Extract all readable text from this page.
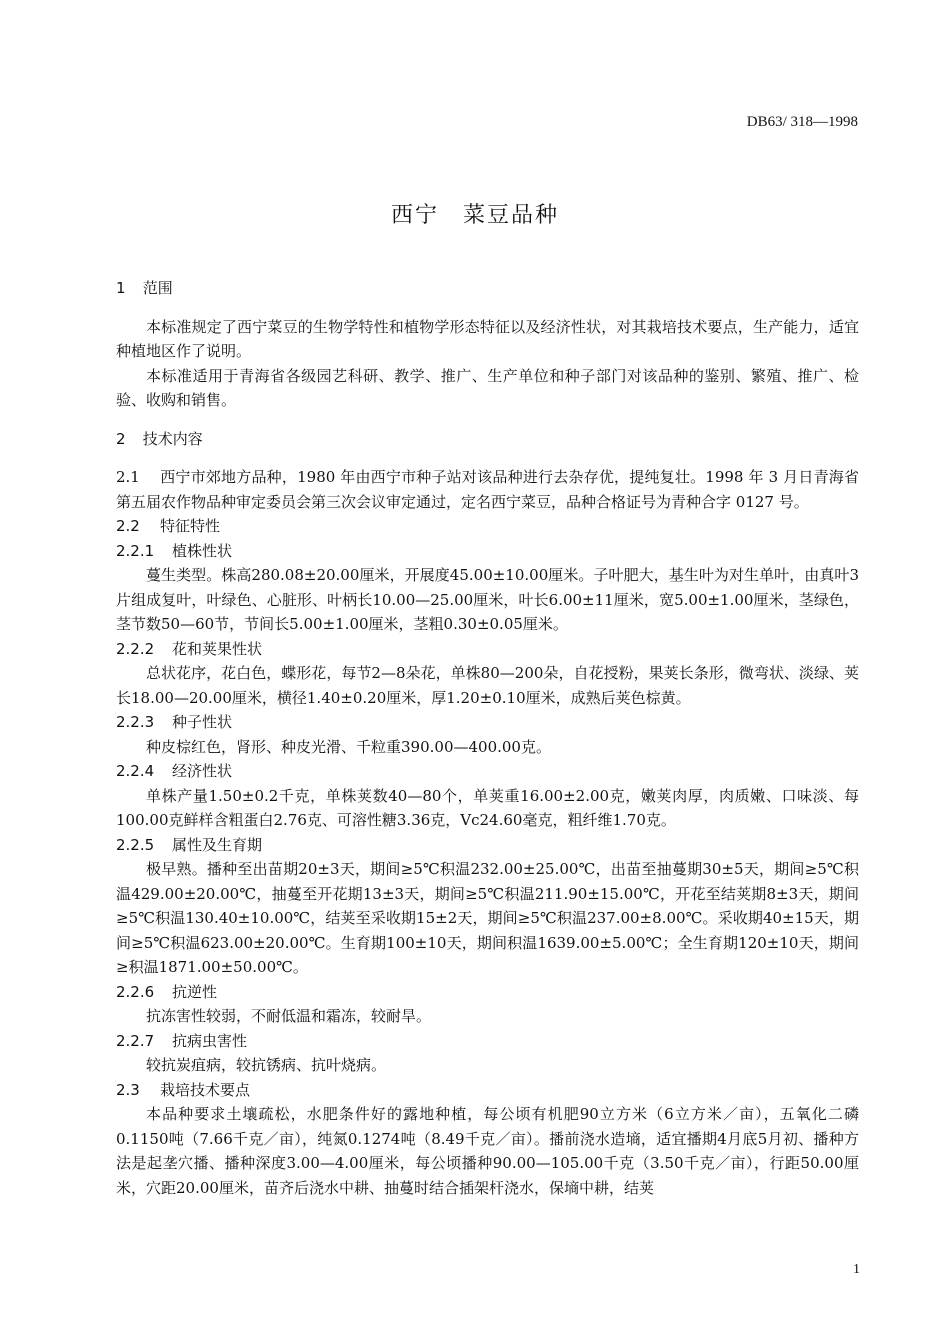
DB63/ 318—1998
西宁　菜豆品种
1 范围

本标准规定了西宁菜豆的生物学特性和植物学形态特征以及经济性状，对其栽培技术要点，生产能力，适宜种植地区作了说明。

本标准适用于青海省各级园艺科研、教学、推广、生产单位和种子部门对该品种的鉴别、繁殖、推广、检验、收购和销售。

2 技术内容

2.1 西宁市郊地方品种，1980 年由西宁市种子站对该品种进行去杂存优，提纯复壮。1998 年 3 月日青海省第五届农作物品种审定委员会第三次会议审定通过，定名西宁菜豆，品种合格证号为青种合字 0127 号。

2.2 特征特性
2.2.1 植株性状

蔓生类型。株高280.08±20.00厘米，开展度45.00±10.00厘米。子叶肥大，基生叶为对生单叶，由真叶3片组成复叶，叶绿色、心脏形、叶柄长10.00—25.00厘米，叶长6.00±11厘米，宽5.00±1.00厘米，茎绿色，茎节数50—60节，节间长5.00±1.00厘米，茎粗0.30±0.05厘米。

2.2.2 花和荚果性状

总状花序，花白色，蝶形花，每节2—8朵花，单株80—200朵，自花授粉，果荚长条形，微弯状、淡绿、荚长18.00—20.00厘米，横径1.40±0.20厘米，厚1.20±0.10厘米，成熟后荚色棕黄。

2.2.3 种子性状

种皮棕红色，肾形、种皮光滑、千粒重390.00—400.00克。

2.2.4 经济性状

单株产量1.50±0.2千克，单株荚数40—80个，单荚重16.00±2.00克，嫩荚肉厚，肉质嫩、口味淡、每100.00克鲜样含粗蛋白2.76克、可溶性糖3.36克，Vc24.60毫克，粗纤维1.70克。

2.2.5 属性及生育期

极早熟。播种至出苗期20±3天，期间≥5℃积温232.00±25.00℃，出苗至抽蔓期30±5天，期间≥5℃积温429.00±20.00℃，抽蔓至开花期13±3天，期间≥5℃积温211.90±15.00℃，开花至结荚期8±3天，期间≥5℃积温130.40±10.00℃，结荚至采收期15±2天，期间≥5℃积温237.00±8.00℃。采收期40±15天，期间≥5℃积温623.00±20.00℃。生育期100±10天，期间积温1639.00±5.00℃；全生育期120±10天，期间≥积温1871.00±50.00℃。

2.2.6 抗逆性

抗冻害性较弱，不耐低温和霜冻，较耐旱。

2.2.7 抗病虫害性

较抗炭疽病，较抗锈病、抗叶烧病。

2.3 栽培技术要点

本品种要求土壤疏松，水肥条件好的露地种植，每公顷有机肥90立方米（6立方米／亩），五氧化二磷0.1150吨（7.66千克／亩），纯氮0.1274吨（8.49千克／亩）。播前浇水造墒，适宜播期4月底5月初、播种方法是起垄穴播、播种深度3.00—4.00厘米，每公顷播种90.00—105.00千克（3.50千克／亩），行距50.00厘米，穴距20.00厘米，苗齐后浇水中耕、抽蔓时结合插架杆浇水，保墒中耕，结荚

1
